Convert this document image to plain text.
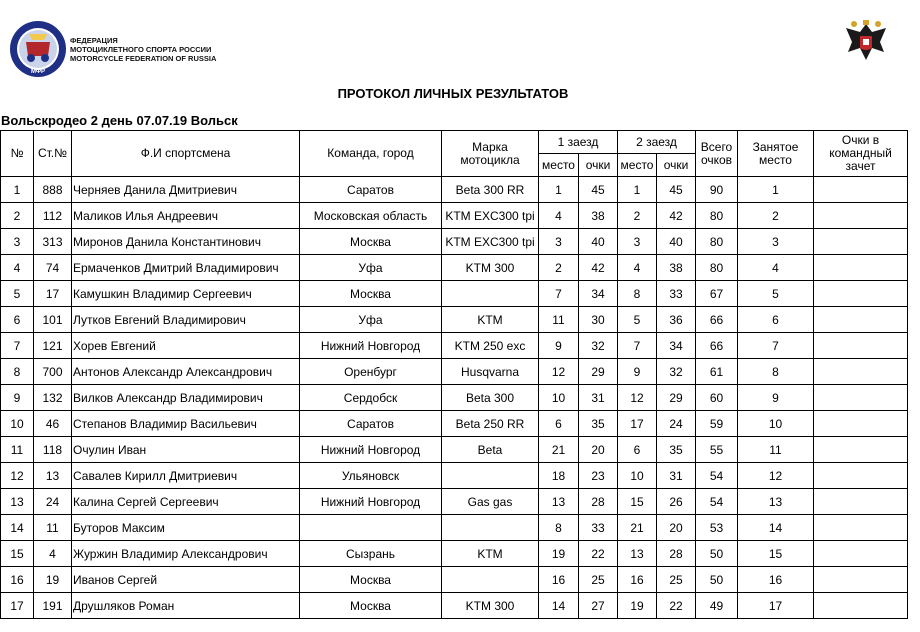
МФР
ФЕДЕРАЦИЯ
МОТОЦИКЛЕТНОГО СПОРТА РОССИИ
MOTORCYCLE FEDERATION OF RUSSIA
ПРОТОКОЛ ЛИЧНЫХ РЕЗУЛЬТАТОВ
Вольскродео 2 день 07.07.19 Вольск
№	Ст.№	Ф.И спортсмена	Команда, город	Марка мотоцикла	1 заезд		2 заезд		Всего очков	Занятое место	Очки в командный зачет
					место	очки	место	очки			
1	888	Черняев Данила Дмитриевич	Саратов	Beta 300 RR	1	45	1	45	90	1	
2	112	Маликов Илья Андреевич	Московская область	KTM EXC300 tpi	4	38	2	42	80	2	
3	313	Миронов Данила Константинович	Москва	KTM EXC300 tpi	3	40	3	40	80	3	
4	74	Ермаченков Дмитрий Владимирович	Уфа	KTM 300	2	42	4	38	80	4	
5	17	Камушкин Владимир Сергеевич	Москва		7	34	8	33	67	5	
6	101	Лутков Евгений Владимирович	Уфа	KTM	11	30	5	36	66	6	
7	121	Хорев Евгений	Нижний Новгород	KTM 250 exc	9	32	7	34	66	7	
8	700	Антонов Александр Александрович	Оренбург	Husqvarna	12	29	9	32	61	8	
9	132	Вилков Александр Владимирович	Сердобск	Beta 300	10	31	12	29	60	9	
10	46	Степанов Владимир Васильевич	Саратов	Beta 250 RR	6	35	17	24	59	10	
11	118	Очулин Иван	Нижний Новгород	Beta	21	20	6	35	55	11	
12	13	Савалев Кирилл Дмитриевич	Ульяновск		18	23	10	31	54	12	
13	24	Калина Сергей Сергеевич	Нижний Новгород	Gas gas	13	28	15	26	54	13	
14	11	Буторов Максим			8	33	21	20	53	14	
15	4	Журжин Владимир Александрович	Сызрань	KTM	19	22	13	28	50	15	
16	19	Иванов Сергей	Москва		16	25	16	25	50	16	
17	191	Друшляков Роман	Москва	KTM 300	14	27	19	22	49	17	
